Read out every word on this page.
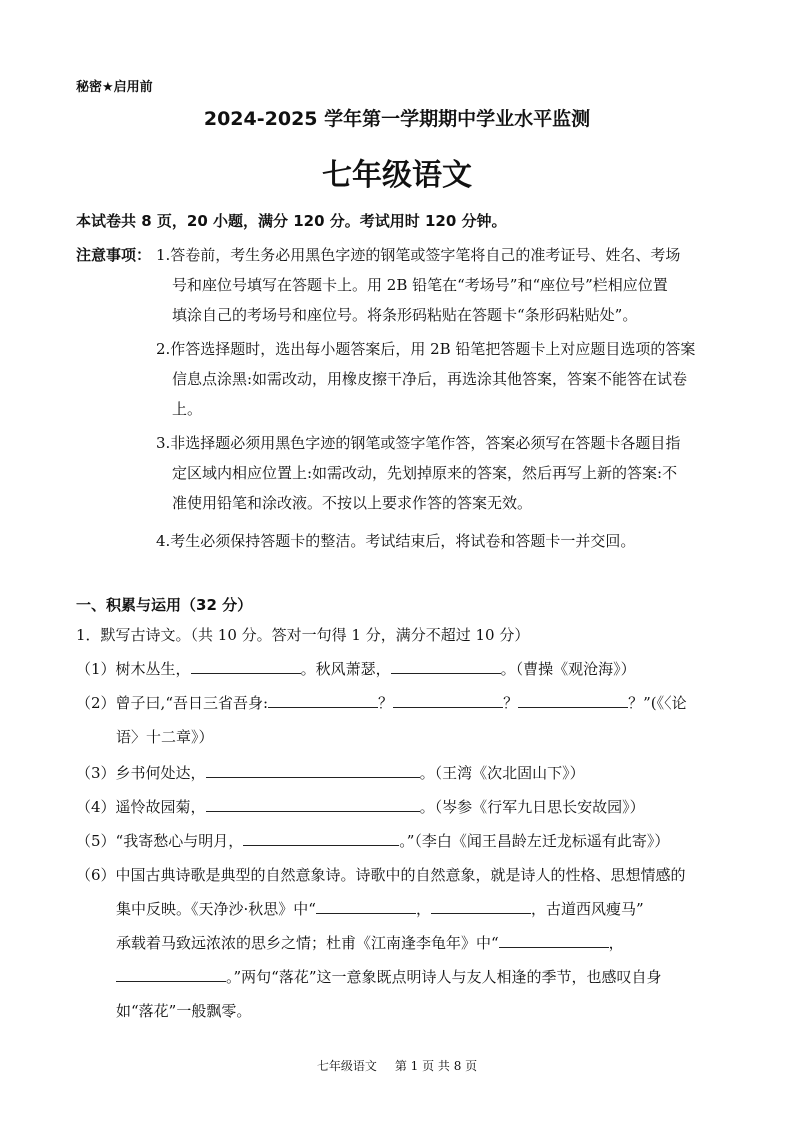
秘密★启用前
2024-2025 学年第一学期期中学业水平监测
七年级语文
本试卷共 8 页，20 小题，满分 120 分。考试用时 120 分钟。
注意事项： 1.答卷前，考生务必用黑色字迹的钢笔或签字笔将自己的准考证号、姓名、考场
号和座位号填写在答题卡上。用 2B 铅笔在“考场号”和“座位号”栏相应位置
填涂自己的考场号和座位号。将条形码粘贴在答题卡“条形码粘贴处”。
2.作答选择题时，选出每小题答案后，用 2B 铅笔把答题卡上对应题目选项的答案
信息点涂黑:如需改动，用橡皮擦干净后，再选涂其他答案，答案不能答在试卷
上。
3.非选择题必须用黑色字迹的钢笔或签字笔作答，答案必须写在答题卡各题目指
定区域内相应位置上:如需改动，先划掉原来的答案，然后再写上新的答案:不
准使用铅笔和涂改液。不按以上要求作答的答案无效。
4.考生必须保持答题卡的整洁。考试结束后，将试卷和答题卡一并交回。
一、积累与运用（32 分）
1．默写古诗文。（共 10 分。答对一句得 1 分，满分不超过 10 分）
（1）树木丛生，	。秋风萧瑟，	。（曹操《观沧海》）
（2）曾子曰,“吾日三省吾身:	？	？	？”(《〈论
语〉十二章》）
（3）乡书何处达，	。（王湾《次北固山下》）
（4）遥怜故园菊，	。（岑参《行军九日思长安故园》）
（5）“我寄愁心与明月，	。”（李白《闻王昌龄左迁龙标遥有此寄》）
（6）中国古典诗歌是典型的自然意象诗。诗歌中的自然意象，就是诗人的性格、思想情感的
集中反映。《天净沙·秋思》中“	，	，古道西风瘦马”
承载着马致远浓浓的思乡之情；杜甫《江南逢李龟年》中“	，
。”两句“落花”这一意象既点明诗人与友人相逢的季节，也感叹自身
如“落花”一般飘零。
七年级语文 第 1 页 共 8 页
